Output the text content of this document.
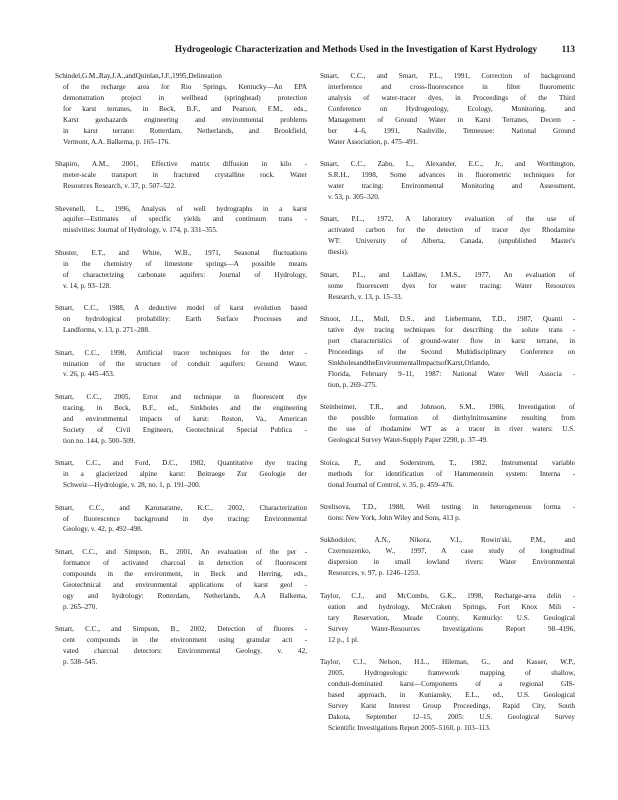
Hydrogeologic Characterization and Methods Used in the Investigation of Karst Hydrology	113
Schindel,G.M.,Ray,J.A.,andQuinlan,J.F.,1995,Delineation
of the recharge area for Rio Springs, Kentucky—An EPA
demonstration project in wellhead (springhead) protection
for karst terranes, in Beck, B.F., and Pearson, F.M., eds.,
Karst geohazards engineering and environmental problems
in karst terrane: Rotterdam, Netherlands, and Brookfield,
Vermont, A.A. Balkema, p. 165–176.
Shapiro, A.M., 2001, Effective matrix diffusion in kilo -
meter-scale transport in fractured crystalline rock. Water
Resources Research, v. 37, p. 507–522.
Shevenell, L., 1996, Analysis of well hydrographs in a karst
aquifer—Estimates of specific yields and continuum trans -
missivities: Journal of Hydrology, v. 174, p. 331–355.
Shuster, E.T., and White, W.B., 1971, Seasonal fluctuations
in the chemistry of limestone springs—A possible means
of characterizing carbonate aquifers: Journal of Hydrology,
v. 14, p. 93–128.
Smart, C.C., 1988, A deductive model of karst evolution based
on hydrological probability: Earth Surface Processes and
Landforms, v. 13, p. 271–288.
Smart, C.C., 1998, Artificial tracer techniques for the deter -
mination of the structure of conduit aquifers: Ground Water,
v. 26, p. 445–453.
Smart, C.C., 2005, Error and technique in fluorescent dye
tracing, in Beck, B.F., ed., Sinkholes and the engineering
and environmental impacts of karst: Reston, Va., American
Society of Civil Engineers, Geotechnical Special Publica -
tion no. 144, p. 500–509.
Smart, C.C., and Ford, D.C., 1982, Quantitative dye tracing
in a glacierized alpine karst: Beitraege Zur Geologie der
Schweiz—Hydrologie, v. 28, no. 1, p. 191–200.
Smart, C.C., and Karunaratne, K.C., 2002, Characterization
of fluorescence background in dye tracing: Environmental
Geology, v. 42, p. 492–498.
Smart, C.C., and Simpson, B., 2001, An evaluation of the per -
formance of activated charcoal in detection of fluorescent
compounds in the environment, in Beck and Herring, eds.,
Geotechnical and environmental applications of karst geol -
ogy and hydrology: Rotterdam, Netherlands, A.A Balkema,
p. 265–270.
Smart, C.C., and Simpson, B., 2002, Detection of fluores -
cent compounds in the environment using granular acti -
vated charcoal detectors: Environmental Geology, v. 42,
p. 538–545.
Smart, C.C., and Smart, P.L., 1991, Correction of background
interference and cross-fluorescence in filter fluorometric
analysis of water-tracer dyes, in Proceedings of the Third
Conference on Hydrogeology, Ecology, Monitoring, and
Management of Ground Water in Karst Terranes, Decem -
ber 4–6, 1991, Nashville, Tennessee: National Ground
Water Association, p. 475–491.
Smart, C.C., Zabo, L., Alexander, E.C., Jr., and Worthington,
S.R.H., 1998, Some advances in fluorometric techniques for
water tracing: Environmental Monitoring and Assessment,
v. 53, p. 305–320.
Smart, P.L., 1972, A laboratory evaluation of the use of
activated carbon for the detection of tracer dye Rhodamine
WT: University of Alberta, Canada, (unpublished Master's
thesis).
Smart, P.L., and Laidlaw, I.M.S., 1977, An evaluation of
some fluorescent dyes for water tracing: Water Resources
Research, v. 13, p. 15–33.
Smoot, J.L., Mull, D.S., and Liebermann, T.D., 1987, Quanti -
tative dye tracing techniques for describing the solute trans -
port characteristics of ground-water flow in karst terrane, in
Proceedings of the Second Multidisciplinary Conference on
SinkholesandtheEnvironmentalImpactsofKarst,Orlando,
Florida, February 9–11, 1987: National Water Well Associa -
tion, p. 269–275.
Steinheimer, T.R., and Johnson, S.M., 1986, Investigation of
the possible formation of diethylnitrosamine resulting from
the use of rhodamine WT as a tracer in river waters: U.S.
Geological Survey Water-Supply Paper 2290, p. 37–49.
Stoica, P., and Soderstrom, T., 1982, Instrumental variable
methods for identification of Hammerstein system: Interna -
tional Journal of Control, v. 35, p. 459–476.
Streltsova, T.D., 1988, Well testing in heterogeneous forma -
tions: New York, John Wiley and Sons, 413 p.
Sukhodolov, A.N., Nikora, V.I., Rowin'ski, P.M., and
Czernuszenko, W., 1997, A case study of longitudinal
dispersion in small lowland rivers: Water Environmental
Resources, v. 97, p. 1246–1253.
Taylor, C.J., and McCombs, G.K., 1998, Recharge-area delin -
eation and hydrology, McCraken Springs, Fort Knox Mili -
tary Reservation, Meade County, Kentucky: U.S. Geological
Survey Water-Resources Investigations Report 98–4196,
12 p., 1 pl.
Taylor, C.J., Nelson, H.L., Hileman, G., and Kasser, W.P.,
2005, Hydrogeologic framework mapping of shallow,
conduit-dominated karst—Components of a regional GIS-
based approach, in Kuniansky, E.L., ed., U.S. Geological
Survey Karst Interest Group Proceedings, Rapid City, South
Dakota, September 12–15, 2005: U.S. Geological Survey
Scientific Investigations Report 2005–5160, p. 103–113.
